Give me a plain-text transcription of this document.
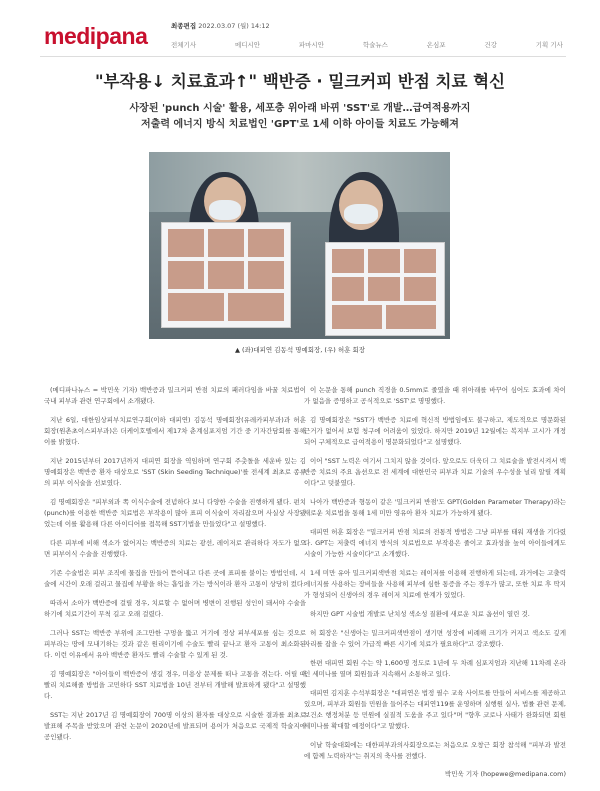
medipana	최종편집 2022.03.07 (월) 14:12
전체기사	메디시안	파마시안	학술뉴스	온심포	건강	기획 기사
"부작용↓ 치료효과↑" 백반증 · 밀크커피 반점 치료 혁신
사장된 'punch 시술' 활용, 세포층 위아래 바뀌 'SST'로 개발…급여적용까지
저출력 에너지 방식 치료법인 'GPT'로 1세 이하 아이들 치료도 가능해져
▲ (좌)대피연 김동석 명예회장, (우) 허훈 회장

(메디파나뉴스 = 박민욱 기자) 백반증과 밀크커피 반점 치료의 패러다임을 바꿀 치료법이 국내 피부과 관련 연구회에서 소개됐다.

지난 6일, 대한임상피부치료연구회(이하 대피연) 김동석 명예회장(유레카피부과)과 허훈 회장(원촌초이스피부과)은 더케이호텔에서 제17차 춘계심포지엄 기간 중 기자간담회를 통해 이를 밝혔다.

지난 2015년부터 2017년까지 대피연 회장을 역임하며 연구회 주춧돌을 세운바 있는 김 명예회장은 백반증 환자 대상으로 'SST (Skin Seeding Technique)'를 전세계 최초로 종류의 피부 이식술을 선보였다.

김 명예회장은 "피부외과 쪽 이식수술에 전념하다 보니 다양한 수술을 진행하게 됐다. 펀치(punch)를 이용한 백반증 치료법은 부작용이 많아 표피 이식술이 자리잡으며 사실상 사장됐었는데 이를 활용해 다른 아이디어를 접목해 SST기법을 만들었다"고 설명했다.

다른 피부에 비해 색소가 없어지는 백반증의 치료는 광선, 레이저로 관리하다 자도가 없으면 피부이식 수술을 진행했다.

기존 수술법은 피부 조직에 물집을 만들어 뜯어내고 다른 곳에 표피를 붙이는 방법인데, 시술에 시간이 오래 걸리고 물집에 부황을 하는 흡입을 가는 방식이라 환자 고통이 상당히 컸다.

따라서 소아가 백반증에 걸릴 경우, 치료할 수 없어며 병변이 진행된 성인이 돼서야 수술을 하기에 치료기간이 무척 길고 오래 걸렸다.

그러나 SST는 백반증 부위에 조그만한 구멍을 뚫고 거기에 정상 피부세포를 심는 것으로 피부라는 땅에 모내기하는 것과 같은 원리이기에 수술도 빨리 끝나고 환자 고통이 최소화된다. 이런 이유에서 유아 백반증 환자도 빨리 수술할 수 있게 된 것.

김 명예회장은 "아이들이 백반증이 생길 경우, 미용상 문제를 떠나 고통을 겪는다. 어릴 때 빨리 치료해줄 방법을 고민하다 SST 치료법을 10년 전부터 개발해 발표하게 됐다"고 설명했다.

SST는 지난 2017년 김 명예회장이 700명 이상의 환자를 대상으로 시술한 결과를 최초로 발표해 주목을 받았으며 관련 논문이 2020년에 발표되며 용어가 처음으로 국제적 학술지에 공인됐다.

이 논문을 통해 punch 직경을 0.5mm로 줄였을 때 위아래를 바꾸어 심어도 효과에 차이가 없음을 증명하고 공식적으로 'SST'로 명명했다.

김 명예회장은 "SST가 백반증 치료에 혁신적 방법임에도 불구하고, 제도적으로 명문화된 근거가 없어서 보험 청구에 어려움이 있었다. 하지만 2019년 12월에는 복지부 고시가 개정되어 구체적으로 급여적용이 명문화되었다"고 설명했다.

이어 "SST 노력은 여기서 그치지 않을 것이다. 앞으로도 더욱더 그 치료술을 발전시켜서 백반증 치료의 주요 옵션으로 전 세계에 대한민국 피부과 치료 기술의 우수성을 널리 알릴 계획이다"고 덧붙였다.

나아가 백반증과 형동이 같은 '밀크커피 반점'도 GPT(Golden Parameter Therapy)라는 새로운 치료법을 통해 1세 미만 영유아 환자 치료가 가능하게 됐다.

대피연 허훈 회장은 "밀크커피 반점 치료의 전통적 방법은 그냥 피부를 태워 재생을 기다렸다. GPT는 저출력 에너지 방식의 치료법으로 부작용은 줄이고 효과성을 높여 아이들에게도 시술이 가능한 시술이다"고 소개했다.

1세 미만 유아 밀크커피색반점 치료는 레이저를 이용해 진행하게 되는데, 과거에는 고출력 에너지를 사용하는 장비들을 사용해 피부에 심한 통증을 주는 경우가 많고, 또한 치료 후 딱지가 형성되어 신생아의 경우 레이저 치료에 한계가 있었다.

하지만 GPT 시술법 개발로 난치성 색소성 질환에 새로운 치료 옵션이 열린 것.

허 회장은 "신생아는 밀크커피색반점이 생기면 성장에 비례해 크기가 커지고 색소도 깊게 자리를 잡을 수 있어 가급적 빠른 시기에 치료가 필요하다"고 강조했다.

한편 대피연 회원 수는 약 1,600명 정도로 1년에 두 차례 심포지엄과 지난해 11차례 온라인 세미나를 열며 회원들과 지속해서 소통하고 있다.

대피연 김지훈 수석부회장은 "대피연은 법정 필수 교육 사이트를 만들어 서비스를 제공하고 있으며, 피부과 회원들 민원을 들어주는 대피연119를 운영하며 실행원 실사, 법률 관련 문제, 보건소 행정처분 등 민원에 실질적 도움을 주고 있다"며 "향후 코로나 사태가 완화되면 회원 세미나를 확대할 예정이다"고 말했다.

이날 학술대회에는 대한피부과의사회장으로는 처음으로 오창근 회장 참석해 "피부과 발전에 함께 노력하자"는 취지의 축사를 전했다.

박민욱 기자 (hopewe@medipana.com)
